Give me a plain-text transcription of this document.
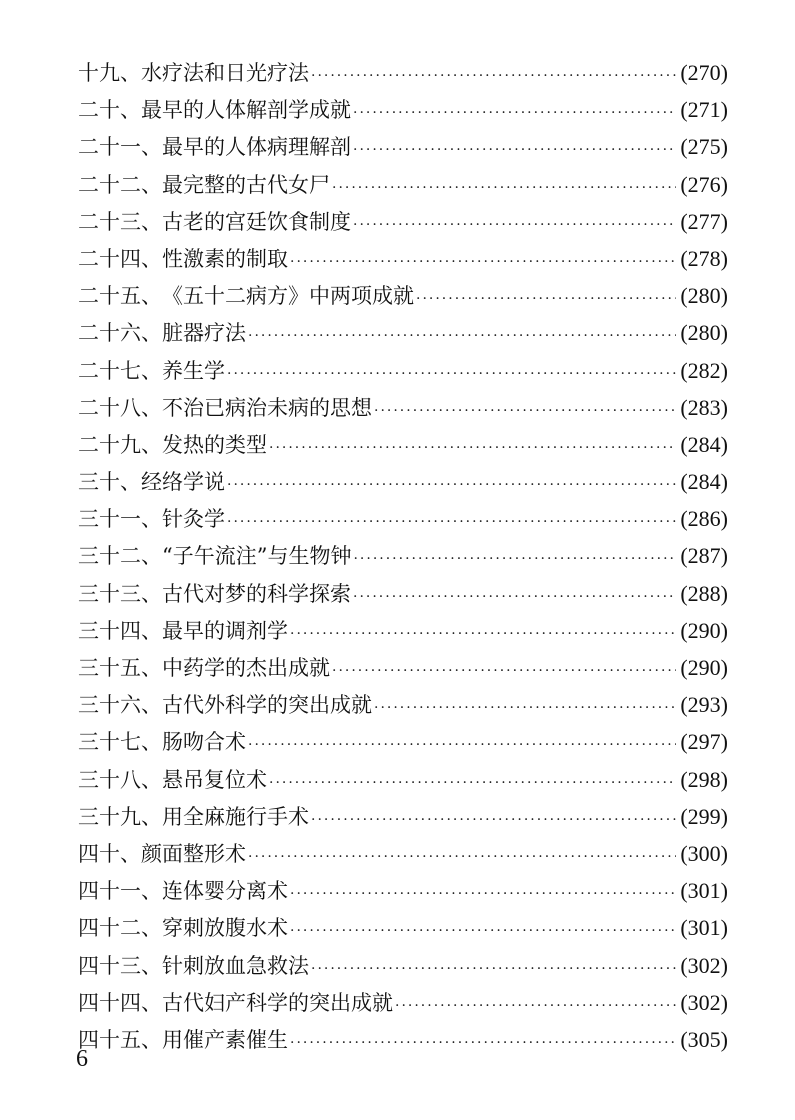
十九、 水疗法和日光疗法 ·····	(270)
二十、 最早的人体解剖学成就 ·····	(271)
二十一、 最早的人体病理解剖 ·····	(275)
二十二、 最完整的古代女尸 ·····	(276)
二十三、 古老的宫廷饮食制度 ·····	(277)
二十四、 性激素的制取 ·····	(278)
二十五、 《五十二病方》中两项成就 ·····	(280)
二十六、 脏器疗法 ·····	(280)
二十七、 养生学 ·····	(282)
二十八、 不治已病治未病的思想 ·····	(283)
二十九、 发热的类型 ·····	(284)
三十、 经络学说 ·····	(284)
三十一、 针灸学 ·····	(286)
三十二、 “子午流注”与生物钟 ·····	(287)
三十三、 古代对梦的科学探索 ·····	(288)
三十四、 最早的调剂学 ·····	(290)
三十五、 中药学的杰出成就 ·····	(290)
三十六、 古代外科学的突出成就 ·····	(293)
三十七、 肠吻合术 ·····	(297)
三十八、 悬吊复位术 ·····	(298)
三十九、 用全麻施行手术 ·····	(299)
四十、 颜面整形术 ·····	(300)
四十一、 连体婴分离术 ·····	(301)
四十二、 穿刺放腹水术 ·····	(301)
四十三、 针刺放血急救法 ·····	(302)
四十四、 古代妇产科学的突出成就 ·····	(302)
四十五、 用催产素催生 ·····	(305)
6
